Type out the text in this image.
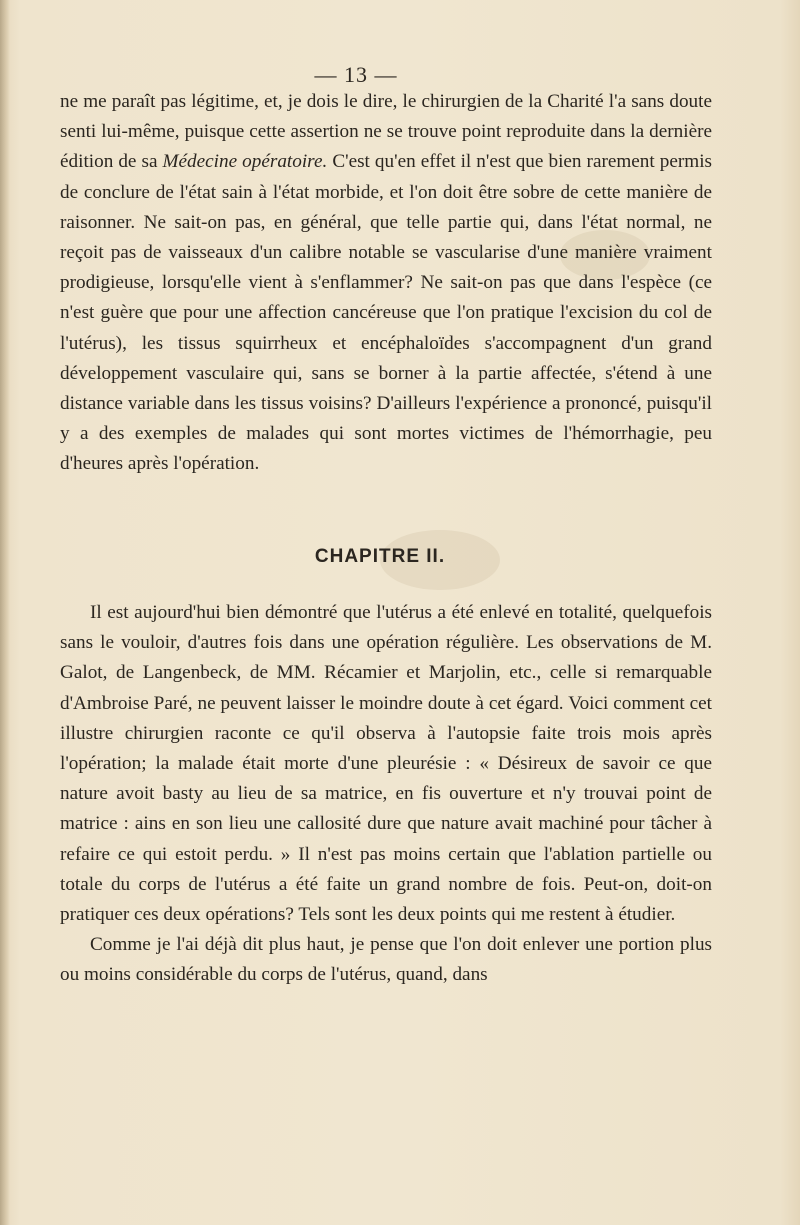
— 13 —

ne me paraît pas légitime, et, je dois le dire, le chirurgien de la Charité l'a sans doute senti lui-même, puisque cette assertion ne se trouve point reproduite dans la dernière édition de sa Médecine opératoire. C'est qu'en effet il n'est que bien rarement permis de conclure de l'état sain à l'état morbide, et l'on doit être sobre de cette manière de raisonner. Ne sait-on pas, en général, que telle partie qui, dans l'état normal, ne reçoit pas de vaisseaux d'un calibre notable se vascularise d'une manière vraiment prodigieuse, lorsqu'elle vient à s'enflammer? Ne sait-on pas que dans l'espèce (ce n'est guère que pour une affection cancéreuse que l'on pratique l'excision du col de l'utérus), les tissus squirrheux et encéphaloïdes s'accompagnent d'un grand développement vasculaire qui, sans se borner à la partie affectée, s'étend à une distance variable dans les tissus voisins? D'ailleurs l'expérience a prononcé, puisqu'il y a des exemples de malades qui sont mortes victimes de l'hémorrhagie, peu d'heures après l'opération.

CHAPITRE II.

Il est aujourd'hui bien démontré que l'utérus a été enlevé en totalité, quelquefois sans le vouloir, d'autres fois dans une opération régulière. Les observations de M. Galot, de Langenbeck, de MM. Récamier et Marjolin, etc., celle si remarquable d'Ambroise Paré, ne peuvent laisser le moindre doute à cet égard. Voici comment cet illustre chirurgien raconte ce qu'il observa à l'autopsie faite trois mois après l'opération; la malade était morte d'une pleurésie : « Désireux de savoir ce que nature avoit basty au lieu de sa matrice, en fis ouverture et n'y trouvai point de matrice : ains en son lieu une callosité dure que nature avait machiné pour tâcher à refaire ce qui estoit perdu. » Il n'est pas moins certain que l'ablation partielle ou totale du corps de l'utérus a été faite un grand nombre de fois. Peut-on, doit-on pratiquer ces deux opérations? Tels sont les deux points qui me restent à étudier.

Comme je l'ai déjà dit plus haut, je pense que l'on doit enlever une portion plus ou moins considérable du corps de l'utérus, quand, dans
